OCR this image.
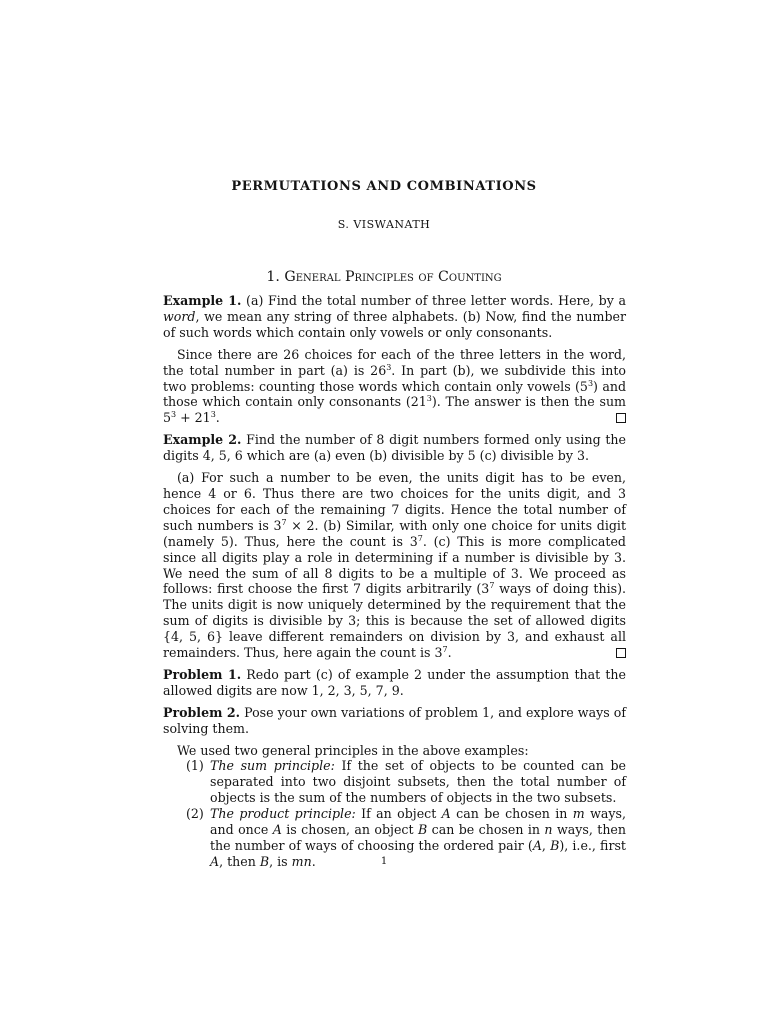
PERMUTATIONS AND COMBINATIONS
S. VISWANATH
1. General Principles of Counting

Example 1. (a) Find the total number of three letter words. Here, by a word, we mean any string of three alphabets. (b) Now, find the number of such words which contain only vowels or only consonants.

Since there are 26 choices for each of the three letters in the word, the total number in part (a) is $26^3$. In part (b), we subdivide this into two problems: counting those words which contain only vowels $(5^3)$ and those which contain only consonants $(21^3)$. The answer is then the sum $5^3 + 21^3$.

Example 2. Find the number of 8 digit numbers formed only using the digits 4, 5, 6 which are (a) even (b) divisible by 5 (c) divisible by 3.

(a) For such a number to be even, the units digit has to be even, hence 4 or 6. Thus there are two choices for the units digit, and 3 choices for each of the remaining 7 digits. Hence the total number of such numbers is $3^7 \times 2$. (b) Similar, with only one choice for units digit (namely 5). Thus, here the count is $3^7$. (c) This is more complicated since all digits play a role in determining if a number is divisible by 3. We need the sum of all 8 digits to be a multiple of 3. We proceed as follows: first choose the first 7 digits arbitrarily ($3^7$ ways of doing this). The units digit is now uniquely determined by the requirement that the sum of digits is divisible by 3; this is because the set of allowed digits {4, 5, 6} leave different remainders on division by 3, and exhaust all remainders. Thus, here again the count is $3^7$.

Problem 1. Redo part (c) of example 2 under the assumption that the allowed digits are now 1, 2, 3, 5, 7, 9.

Problem 2. Pose your own variations of problem 1, and explore ways of solving them.

We used two general principles in the above examples:

(1) The sum principle: If the set of objects to be counted can be separated into two disjoint subsets, then the total number of objects is the sum of the numbers of objects in the two subsets.
(2) The product principle: If an object A can be chosen in m ways, and once A is chosen, an object B can be chosen in n ways, then the number of ways of choosing the ordered pair (A, B), i.e., first A, then B, is mn.	1
